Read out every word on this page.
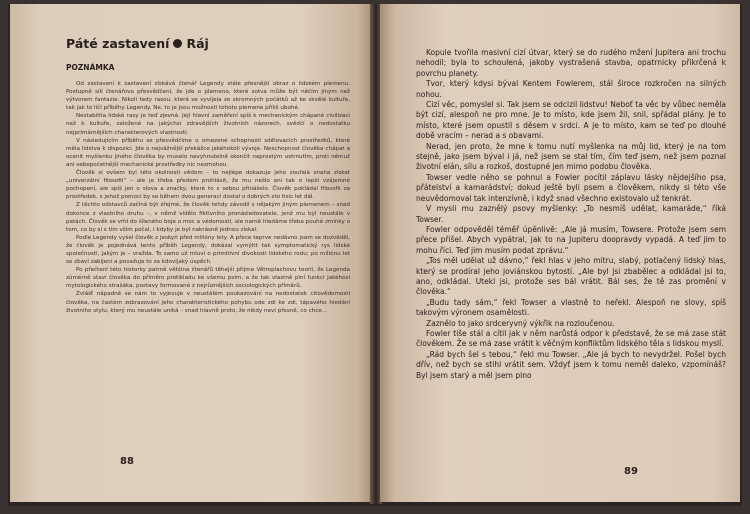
Páté zastavení Ráj
POZNÁMKA

Od zastavení k zastavení získává čtenář Legendy stále přesnější obraz o lidském plemenu. Postupně sílí čtenářovo přesvědčení, že jde o plemeno, které sotva může být něčím jiným než výtvorem fantazie. Nikoli tedy rasou, která se vyvíjela ze skromných počátků až ke skvělé kultuře, tak jak to líčí příběhy Legendy. Ne, to je jsou možnosti tohoto plemene příliš ubohé.

Nestabilita lidské rasy je teď zjevná. Její hlavní zaměření spíš k mechanickým chápané civilizaci než k kultuře, založené na jakýchsi zdravějších životních názorech, svědčí o nedostatku nejprimárnějších charakterových vlastností.

V následujícím příběhu se přesvědčíme o omezené schopnosti sdělovacích prostředků, které měla lidstva k dispozici. Jde o nejvážnější překážce jakéhokoli vývoje. Neschopnost člověka chápat a ocenit myšlenku jiného člověka by muselo nevyhnutelně skončit naprostým ustrnutím, proti němuž ani sebepočetnější mechanické prostředky nic nezmohou.

Člověk si ovšem byl této okolnosti vědom – to nejlépe dokazuje jeho zoufalá snaha získat „univerzální filosofii“ – ale je třeba předem prohlásit, že mu nešlo ani tak o lepší vzájemné pochopení, ale spíš jen o slova a značky, které to s sebou přinášelo. Člověk pokládal filosofii za prostředek, s jehož pomocí by se během dvou generací dostal o dobrých sto tisíc let dál.

Z těchto odstavců začíná být zřejmé, že člověk tehdy závodil s nějakým jiným plemenem – snad dokonce z vlastního druhu –, v němž vidělo fiktivního pronásledovatele, jenž mu byl neustále v patách. Člověk se vrhl do šíleného boje o moc a védomosti, ale narně hledáme třeba pouhé zmínky o tom, co by si s tím vším počal, i kdyby je byl nakrásně jednou získal.

Podle Legendy vyšel člověk z jeskyň před milióny lety. A přece teprve nedávno jsem se dozvěděl, že člověk je pojednává tento příběh Legendy, dokázal vymýtit tak symptomatický rys lidské společnosti, jakým je – vražda. To samo už mluví o primitivní divokosti lidského rodu; po miliónu let se zbaví zabíjení a považuje to za kdovíjaký úspěch.

Po přečtení této historky patrně většina čtenářů těhejší přijme Větroplachovu teorii, že Legenda zúmérně staví člověka do příměro protikladu ke všemu psím, a že tak vlastně plní funkci jakéhosi mytologického strašáka, postavy formované z nejrůznějších sociologických příměrů.

Zvlášť nápadně se nám to vyjevuje v neustálém poukazování na nedostatek citovědomosti člověka, na častém zobrazování jeho charakteristického pohybu ode zdi ke zdi, tápavého hledání životního stylu, který mu neustále uniká – snad hlavně proto, že nikdy neví přesně, co chce...

88

Kopule tvořila masivní cizí útvar, který se do rudého mžení Jupitera ani trochu nehodil; byla to schoulená, jakoby vystrašená stavba, opatrnicky přikrčená k povrchu planety.

Tvor, který kdysi býval Kentem Fowlerem, stál široce rozkročen na silných nohou.

Cizí věc, pomyslel si. Tak jsem se odcizil lidstvu! Neboť ta věc by vůbec neměla být cizí, alespoň ne pro mne. Je to místo, kde jsem žil, snil, spřádal plány. Je to místo, které jsem opustil s děsem v srdci. A je to místo, kam se teď po dlouhé době vracím – nerad a s obavami.

Nerad, jen proto, že mne k tomu nutí myšlenka na můj lid, který je na tom stejně, jako jsem býval i já, než jsem se stal tím, čím teď jsem, než jsem poznal životní elán, sílu a rozkoš, dostupné jen mimo podobu člověka.

Towser vedle něho se pohnul a Fowler pocítil záplavu lásky nějdejšího psa, přátelství a kamarádství; dokud ještě byli psem a člověkem, nikdy si této vše neuvědomoval tak intenzívně, i když snad všechno existovalo už tenkrát.

V mysli mu zaznělý psovy myšlenky: „To nesmíš udělat, kamaráde,“ říká Towser.

Fowler odpověděl téměř úpěnlivě: „Ale já musím, Towsere. Protože jsem sem přece přišel. Abych vypátral, jak to na Jupiteru doopravdy vypadá. A teď jim to mohu říci. Teď jim musím podat zprávu.“

„Tos měl udělat už dávno,“ řekl hlas v jeho mitru, slabý, potlačený lidský hlas, který se prodíral jeho joviánskou bytostí. „Ale byl jsi zbabělec a odkládal jsi to, ano, odkládal. Utekl jsi, protože ses bál vrátit. Bál ses, že tě zas promění v člověka.“

„Budu tady sám,“ řekl Towser a vlastně to neřekl. Alespoň ne slovy, spíš takovým výronem osamělosti.

Zaznělo to jako srdceryvný výkřik na rozloučenou.

Fowler tiše stál a cítil jak v něm narůstá odpor k představě, že se má zase stát člověkem. Že se má zase vrátit k věčným konfliktům lidského těla s lidskou myslí.

„Rád bych šel s tebou,“ řekl mu Towser. „Ale já bych to nevydržel. Pošel bych dřív, než bych se stihl vrátit sem. Vždyť jsem k tomu neměl daleko, vzpomínáš? Byl jsem starý a měl jsem plno

89
